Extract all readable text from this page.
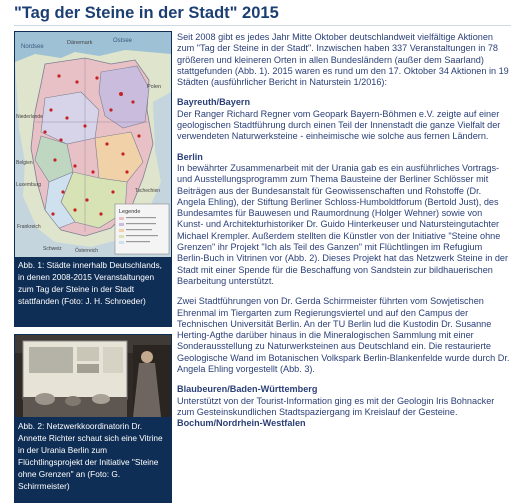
"Tag der Steine in der Stadt" 2015
Legende
Ostsee
Nordsee
Dänemark
Polen
Niederlande
Belgien
Luxemburg
Tschechien
Frankreich
Österreich
Schweiz
Abb. 1: Städte innerhalb Deutschlands, in denen 2008-2015 Veranstaltungen zum Tag der Steine in der Stadt stattfanden (Foto: J. H. Schroeder)
Abb. 2: Netzwerkkoordinatorin Dr. Annette Richter schaut sich eine Vitrine in der Urania Berlin zum Flüchtlingsprojekt der Initiative "Steine ohne Grenzen" an (Foto: G. Schirrmeister)

Seit 2008 gibt es jedes Jahr Mitte Oktober deutschlandweit vielfältige Aktionen zum "Tag der Steine in der Stadt". Inzwischen haben 337 Veranstaltungen in 78 größeren und kleineren Orten in allen Bundesländern (außer dem Saarland) stattgefunden (Abb. 1). 2015 waren es rund um den 17. Oktober 34 Aktionen in 19 Städten (ausführlicher Bericht in Naturstein 1/2016):

Bayreuth/Bayern

Der Ranger Richard Regner vom Geopark Bayern-Böhmen e.V. zeigte auf einer geologischen Stadtführung durch einen Teil der Innenstadt die ganze Vielfalt der verwendeten Naturwerksteine - einheimische wie solche aus fernen Ländern.

Berlin

In bewährter Zusammenarbeit mit der Urania gab es ein ausführliches Vortrags- und Ausstellungsprogramm zum Thema Bausteine der Berliner Schlösser mit Beiträgen aus der Bundesanstalt für Geowissenschaften und Rohstoffe (Dr. Angela Ehling), der Stiftung Berliner Schloss-Humboldtforum (Bertold Just), des Bundesamtes für Bauwesen und Raumordnung (Holger Wehner) sowie von Kunst- und Architekturhistoriker Dr. Guido Hinterkeuser und Natursteingutachter Michael Krempler. Außerdem stellten die Künstler von der Initiative "Steine ohne Grenzen" ihr Projekt "Ich als Teil des Ganzen" mit Flüchtlingen im Refugium Berlin-Buch in Vitrinen vor (Abb. 2). Dieses Projekt hat das Netzwerk Steine in der Stadt mit einer Spende für die Beschaffung von Sandstein zur bildhauerischen Bearbeitung unterstützt.

Zwei Stadtführungen von Dr. Gerda Schirrmeister führten vom Sowjetischen Ehrenmal im Tiergarten zum Regierungsviertel und auf den Campus der Technischen Universität Berlin. An der TU Berlin lud die Kustodin Dr. Susanne Herting-Agthe darüber hinaus in die Mineralogischen Sammlung mit einer Sonderausstellung zu Naturwerksteinen aus Deutschland ein. Die restaurierte Geologische Wand im Botanischen Volkspark Berlin-Blankenfelde wurde durch Dr. Angela Ehling vorgestellt (Abb. 3).

Blaubeuren/Baden-Württemberg

Unterstützt von der Tourist-Information ging es mit der Geologin Iris Bohnacker zum Gesteinskundlichen Stadtspaziergang im Kreislauf der Gesteine.

Bochum/Nordrhein-Westfalen
